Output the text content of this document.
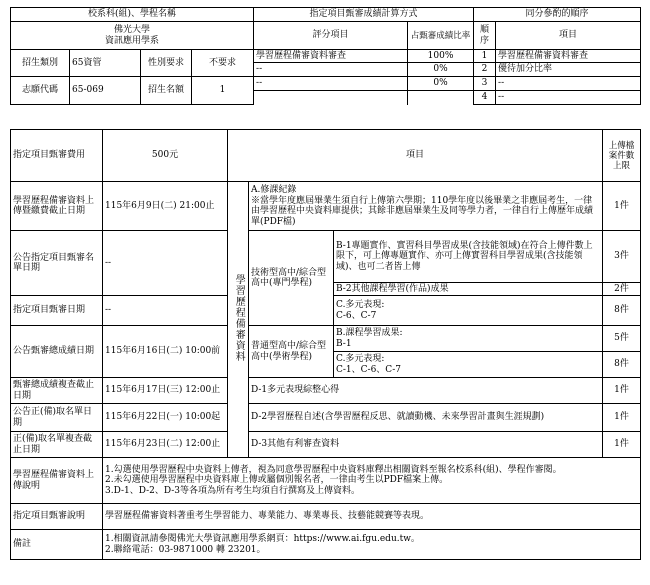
校系科(組)、學程名稱				指定項目甄審成績計算方式		同分參酌的順序	

佛光大學
資訊應用學系				評分項目	占甄審成績比率	順序	項目
招生類別	65資管	性別要求	不要求	學習歷程備審資料審查	100%	1	學習歷程備審資料審查
				--	0%	2	優待加分比率
志願代碼	65-069	招生名額	1	--	0%	3	--
						4	--
指定項目甄審費用	500元	項目			上傳檔案件數上限
學習歷程備審資料上傳暨繳費截止日期	115年6月9日(二) 21:00止	學習歷程備審資料	A.修課紀錄
※當學年度應屆畢業生須自行上傳第六學期；110學年度以後畢業之非應屆考生，一律由學習歷程中央資料庫提供；其餘非應屆畢業生及同等學力者，一律自行上傳歷年成績單(PDF檔)		1件
公告指定項目甄審名單日期	--		技術型高中/綜合型高中(專門學程)	B-1專題實作、實習科目學習成果(含技能領域)在符合上傳件數上限下，可上傳專題實作、亦可上傳實習科目學習成果(含技能領域)、也可二者皆上傳	3件
				B-2其他課程學習(作品)成果	2件
指定項目甄審日期	--			C.多元表現:
C-6、C-7	8件
公告甄審總成績日期	115年6月16日(二) 10:00前		普通型高中/綜合型高中(學術學程)	B.課程學習成果:
B-1	5件
				C.多元表現:
C-1、C-6、C-7	8件
甄審總成績複查截止日期	115年6月17日(三) 12:00止		D-1多元表現綜整心得		1件
公告正(備)取名單日期	115年6月22日(一) 10:00起		D-2學習歷程自述(含學習歷程反思、就讀動機、未來學習計畫與生涯規劃)		1件
正(備)取名單複查截止日期	115年6月23日(二) 12:00止		D-3其他有利審查資料		1件
學習歷程備審資料上傳說明	1.勾選使用學習歷程中央資料上傳者，視為同意學習歷程中央資料庫釋出相關資料至報名校系科(組)、學程作審閱。
2.未勾選使用學習歷程中央資料庫上傳或屬個別報名者，一律由考生以PDF檔案上傳。
3.D-1、D-2、D-3等各項為所有考生均須自行撰寫及上傳資料。				
指定項目甄審說明	學習歷程備審資料著重考生學習能力、專業能力、專業專長、技藝能競賽等表現。				
備註	1.相關資訊請參閱佛光大學資訊應用學系網頁：https://www.ai.fgu.edu.tw。
2.聯絡電話：03-9871000 轉 23201。				
